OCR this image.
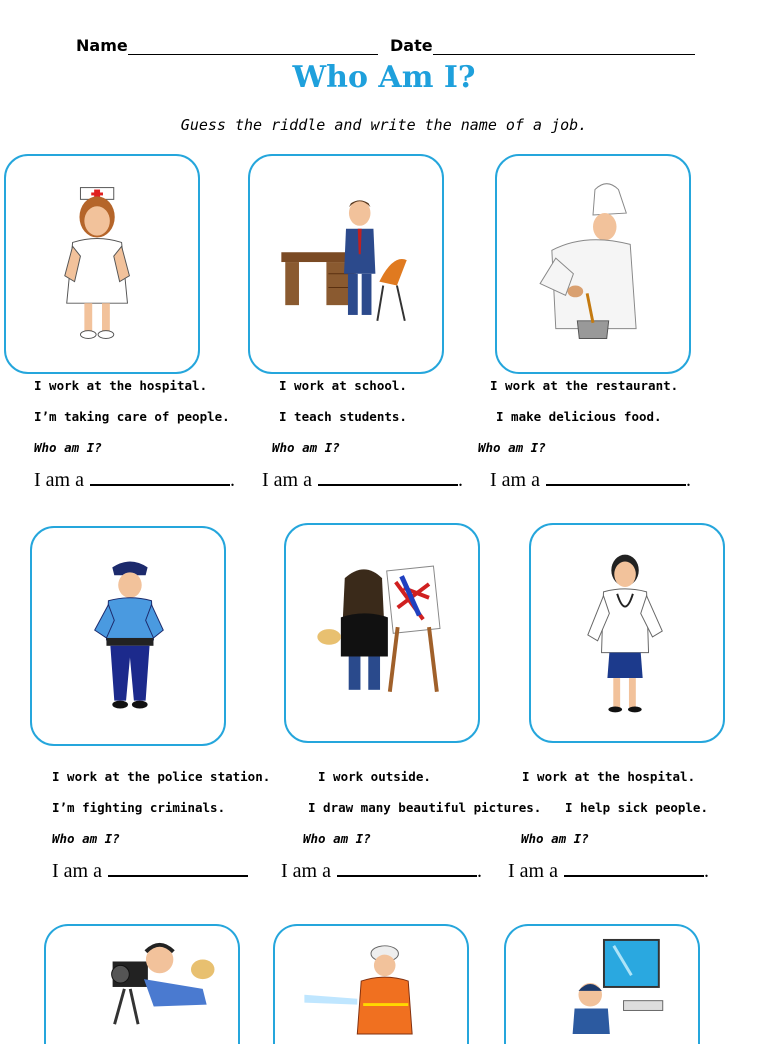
Name	Date
Who Am I?
Guess the riddle and write the name of a job.
I work at the hospital.
I’m taking care of people.
Who am I?
I am a	.
I work at school.
I teach students.
Who am I?
I am a	.
I work at the restaurant.
I make delicious food.
Who am I?
I am a	.
I work at the police station.
I’m fighting criminals.
Who am I?
I am a
I work outside.
I draw many beautiful pictures.
Who am I?
I am a	.
I work at the hospital.
I help sick people.
Who am I?
I am a	.
